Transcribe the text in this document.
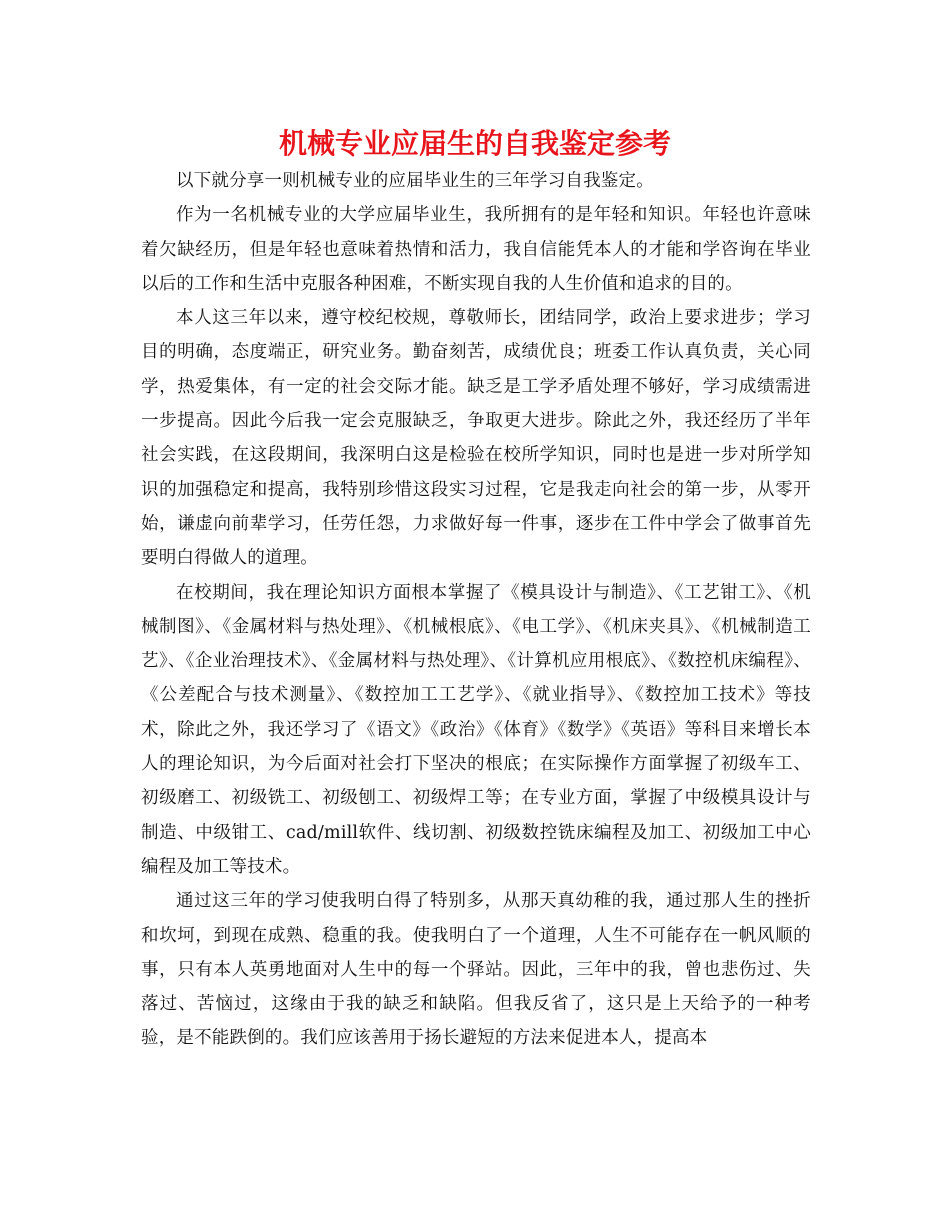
机械专业应届生的自我鉴定参考

以下就分享一则机械专业的应届毕业生的三年学习自我鉴定。

作为一名机械专业的大学应届毕业生，我所拥有的是年轻和知识。年轻也许意味着欠缺经历，但是年轻也意味着热情和活力，我自信能凭本人的才能和学咨询在毕业以后的工作和生活中克服各种困难，不断实现自我的人生价值和追求的目的。

本人这三年以来，遵守校纪校规，尊敬师长，团结同学，政治上要求进步；学习目的明确，态度端正，研究业务。勤奋刻苦，成绩优良；班委工作认真负责，关心同学，热爱集体，有一定的社会交际才能。缺乏是工学矛盾处理不够好，学习成绩需进一步提高。因此今后我一定会克服缺乏，争取更大进步。除此之外，我还经历了半年社会实践，在这段期间，我深明白这是检验在校所学知识，同时也是进一步对所学知识的加强稳定和提高，我特别珍惜这段实习过程，它是我走向社会的第一步，从零开始，谦虚向前辈学习，任劳任怨，力求做好每一件事，逐步在工件中学会了做事首先要明白得做人的道理。

在校期间，我在理论知识方面根本掌握了《模具设计与制造》、《工艺钳工》、《机械制图》、《金属材料与热处理》、《机械根底》、《电工学》、《机床夹具》、《机械制造工艺》、《企业治理技术》、《金属材料与热处理》、《计算机应用根底》、《数控机床编程》、《公差配合与技术测量》、《数控加工工艺学》、《就业指导》、《数控加工技术》等技术，除此之外，我还学习了《语文》《政治》《体育》《数学》《英语》等科目来增长本人的理论知识，为今后面对社会打下坚决的根底；在实际操作方面掌握了初级车工、初级磨工、初级铣工、初级刨工、初级焊工等；在专业方面，掌握了中级模具设计与制造、中级钳工、cad/mill软件、线切割、初级数控铣床编程及加工、初级加工中心编程及加工等技术。

通过这三年的学习使我明白得了特别多，从那天真幼稚的我，通过那人生的挫折和坎坷，到现在成熟、稳重的我。使我明白了一个道理，人生不可能存在一帆风顺的事，只有本人英勇地面对人生中的每一个驿站。因此，三年中的我，曾也悲伤过、失落过、苦恼过，这缘由于我的缺乏和缺陷。但我反省了，这只是上天给予的一种考验，是不能跌倒的。我们应该善用于扬长避短的方法来促进本人，提高本
